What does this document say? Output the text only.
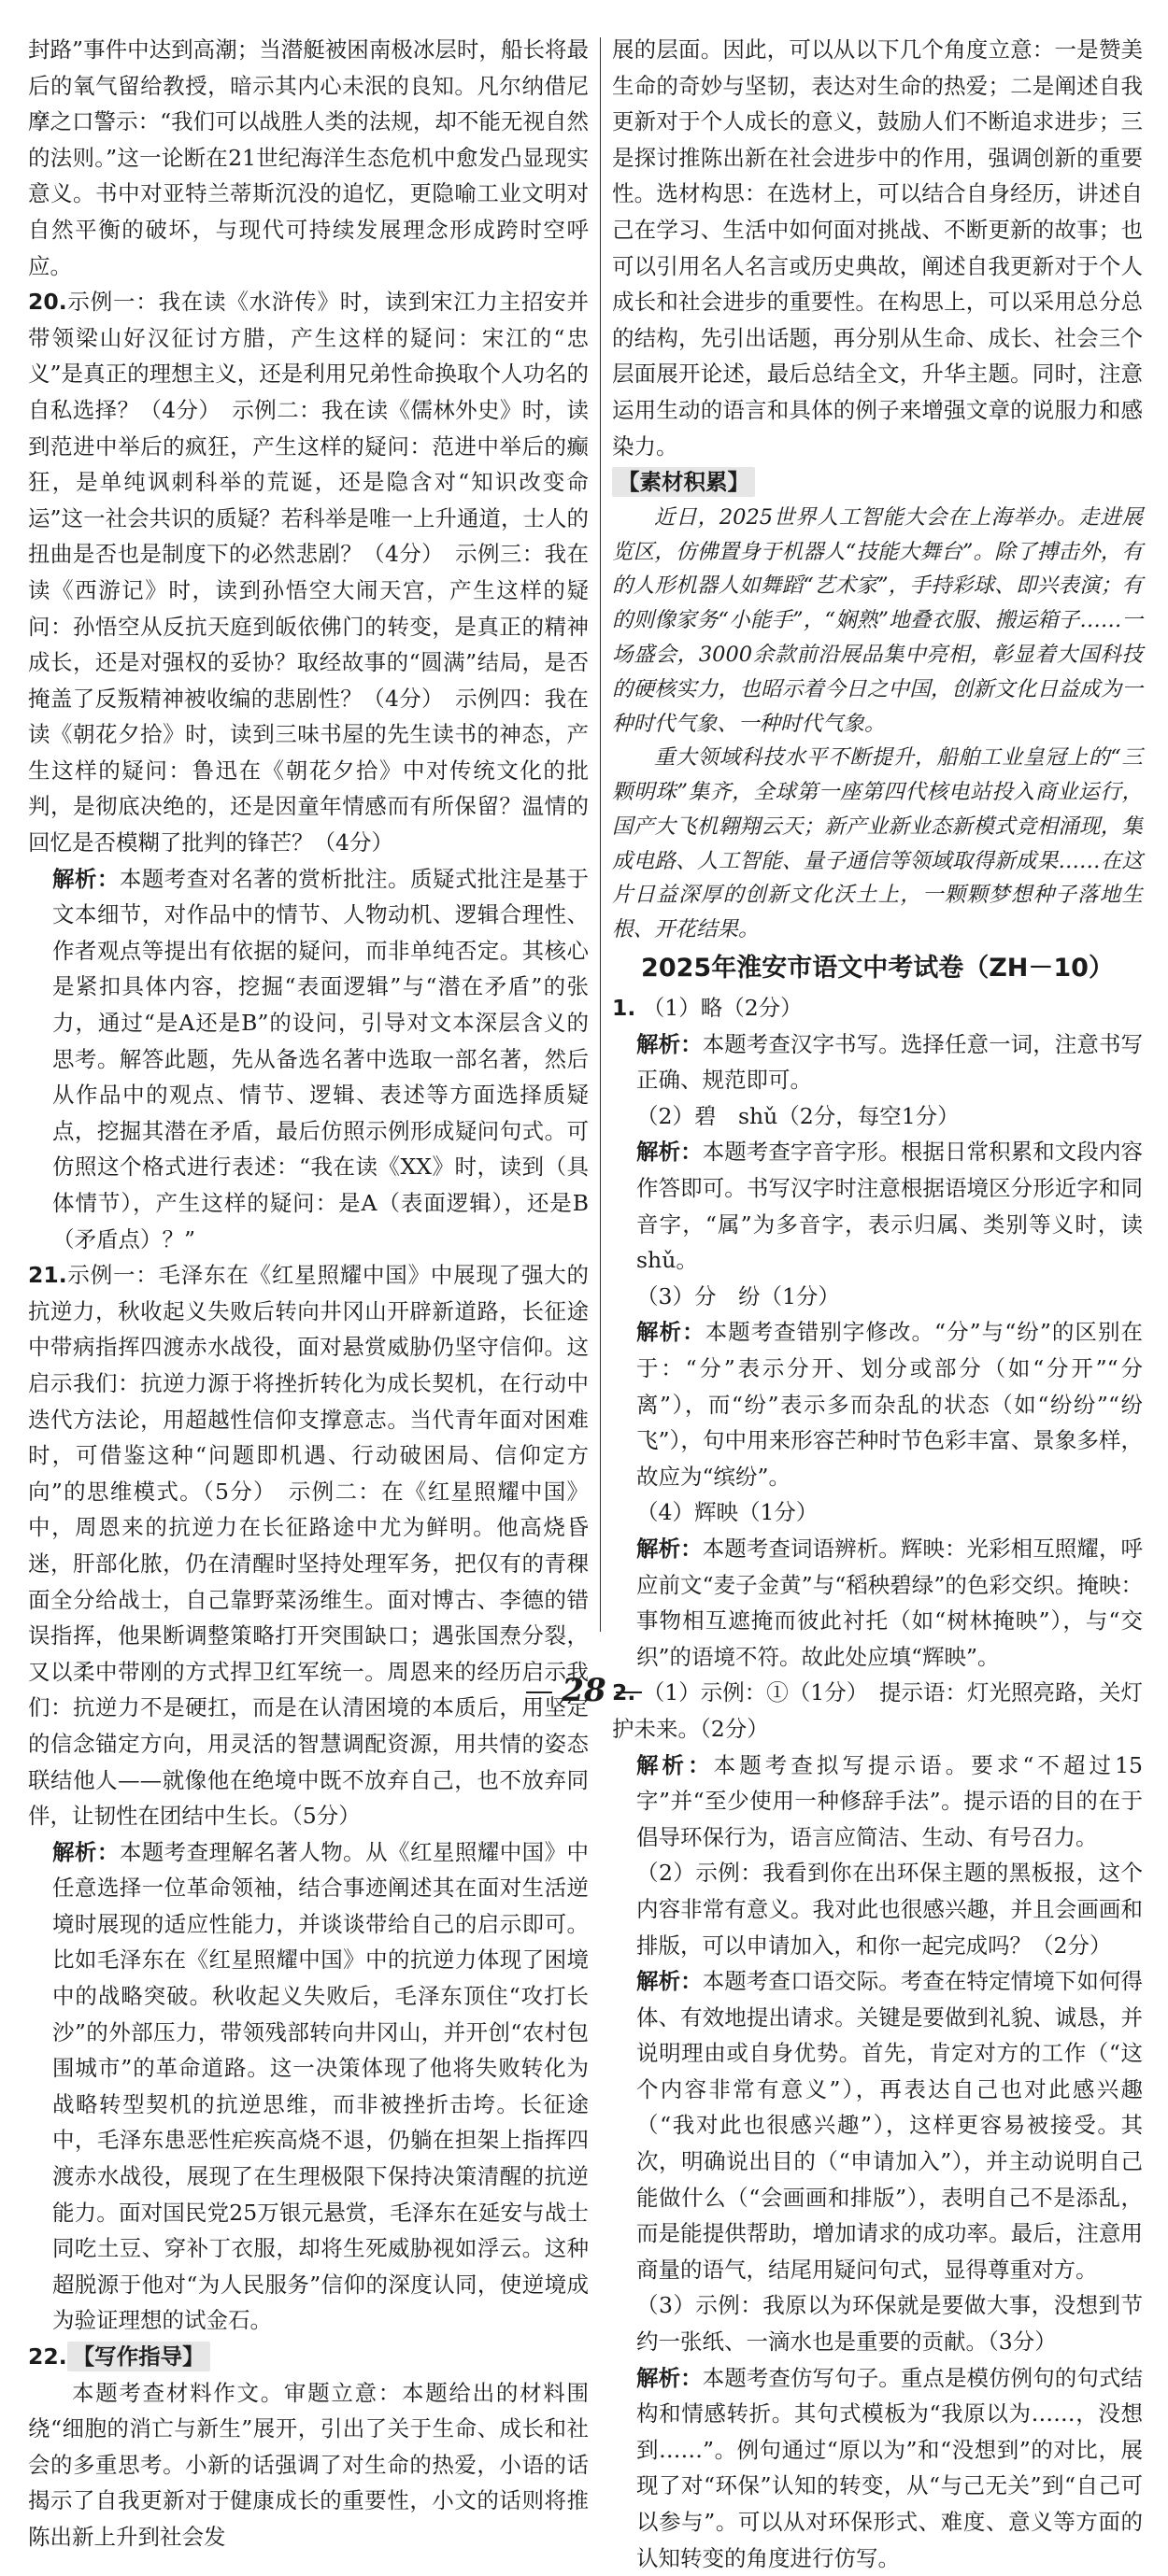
封路”事件中达到高潮；当潜艇被困南极冰层时，船长将最后的氧气留给教授，暗示其内心未泯的良知。凡尔纳借尼摩之口警示：“我们可以战胜人类的法规，却不能无视自然的法则。”这一论断在21世纪海洋生态危机中愈发凸显现实意义。书中对亚特兰蒂斯沉没的追忆，更隐喻工业文明对自然平衡的破坏，与现代可持续发展理念形成跨时空呼应。

20.示例一：我在读《水浒传》时，读到宋江力主招安并带领梁山好汉征讨方腊，产生这样的疑问：宋江的“忠义”是真正的理想主义，还是利用兄弟性命换取个人功名的自私选择？（4分）　示例二：我在读《儒林外史》时，读到范进中举后的疯狂，产生这样的疑问：范进中举后的癫狂，是单纯讽刺科举的荒诞，还是隐含对“知识改变命运”这一社会共识的质疑？若科举是唯一上升通道，士人的扭曲是否也是制度下的必然悲剧？（4分）　示例三：我在读《西游记》时，读到孙悟空大闹天宫，产生这样的疑问：孙悟空从反抗天庭到皈依佛门的转变，是真正的精神成长，还是对强权的妥协？取经故事的“圆满”结局，是否掩盖了反叛精神被收编的悲剧性？（4分）　示例四：我在读《朝花夕拾》时，读到三味书屋的先生读书的神态，产生这样的疑问：鲁迅在《朝花夕拾》中对传统文化的批判，是彻底决绝的，还是因童年情感而有所保留？温情的回忆是否模糊了批判的锋芒？（4分）

解析：本题考查对名著的赏析批注。质疑式批注是基于文本细节，对作品中的情节、人物动机、逻辑合理性、作者观点等提出有依据的疑问，而非单纯否定。其核心是紧扣具体内容，挖掘“表面逻辑”与“潜在矛盾”的张力，通过“是A还是B”的设问，引导对文本深层含义的思考。解答此题，先从备选名著中选取一部名著，然后从作品中的观点、情节、逻辑、表述等方面选择质疑点，挖掘其潜在矛盾，最后仿照示例形成疑问句式。可仿照这个格式进行表述：“我在读《XX》时，读到（具体情节），产生这样的疑问：是A（表面逻辑），还是B（矛盾点）？”

21.示例一：毛泽东在《红星照耀中国》中展现了强大的抗逆力，秋收起义失败后转向井冈山开辟新道路，长征途中带病指挥四渡赤水战役，面对悬赏威胁仍坚守信仰。这启示我们：抗逆力源于将挫折转化为成长契机，在行动中迭代方法论，用超越性信仰支撑意志。当代青年面对困难时，可借鉴这种“问题即机遇、行动破困局、信仰定方向”的思维模式。（5分）　示例二：在《红星照耀中国》中，周恩来的抗逆力在长征路途中尤为鲜明。他高烧昏迷，肝部化脓，仍在清醒时坚持处理军务，把仅有的青稞面全分给战士，自己靠野菜汤维生。面对博古、李德的错误指挥，他果断调整策略打开突围缺口；遇张国焘分裂，又以柔中带刚的方式捍卫红军统一。周恩来的经历启示我们：抗逆力不是硬扛，而是在认清困境的本质后，用坚定的信念锚定方向，用灵活的智慧调配资源，用共情的姿态联结他人——就像他在绝境中既不放弃自己，也不放弃同伴，让韧性在团结中生长。（5分）

解析：本题考查理解名著人物。从《红星照耀中国》中任意选择一位革命领袖，结合事迹阐述其在面对生活逆境时展现的适应性能力，并谈谈带给自己的启示即可。比如毛泽东在《红星照耀中国》中的抗逆力体现了困境中的战略突破。秋收起义失败后，毛泽东顶住“攻打长沙”的外部压力，带领残部转向井冈山，并开创“农村包围城市”的革命道路。这一决策体现了他将失败转化为战略转型契机的抗逆思维，而非被挫折击垮。长征途中，毛泽东患恶性疟疾高烧不退，仍躺在担架上指挥四渡赤水战役，展现了在生理极限下保持决策清醒的抗逆能力。面对国民党25万银元悬赏，毛泽东在延安与战士同吃土豆、穿补丁衣服，却将生死威胁视如浮云。这种超脱源于他对“为人民服务”信仰的深度认同，使逆境成为验证理想的试金石。

22. 【写作指导】

本题考查材料作文。审题立意：本题给出的材料围绕“细胞的消亡与新生”展开，引出了关于生命、成长和社会的多重思考。小新的话强调了对生命的热爱，小语的话揭示了自我更新对于健康成长的重要性，小文的话则将推陈出新上升到社会发

展的层面。因此，可以从以下几个角度立意：一是赞美生命的奇妙与坚韧，表达对生命的热爱；二是阐述自我更新对于个人成长的意义，鼓励人们不断追求进步；三是探讨推陈出新在社会进步中的作用，强调创新的重要性。选材构思：在选材上，可以结合自身经历，讲述自己在学习、生活中如何面对挑战、不断更新的故事；也可以引用名人名言或历史典故，阐述自我更新对于个人成长和社会进步的重要性。在构思上，可以采用总分总的结构，先引出话题，再分别从生命、成长、社会三个层面展开论述，最后总结全文，升华主题。同时，注意运用生动的语言和具体的例子来增强文章的说服力和感染力。

【素材积累】

近日，2025世界人工智能大会在上海举办。走进展览区，仿佛置身于机器人“技能大舞台”。除了搏击外，有的人形机器人如舞蹈“艺术家”，手持彩球、即兴表演；有的则像家务“小能手”，“娴熟”地叠衣服、搬运箱子……一场盛会，3000余款前沿展品集中亮相，彰显着大国科技的硬核实力，也昭示着今日之中国，创新文化日益成为一种时代气象、一种时代气象。

重大领域科技水平不断提升，船舶工业皇冠上的“三颗明珠”集齐，全球第一座第四代核电站投入商业运行，国产大飞机翱翔云天；新产业新业态新模式竞相涌现，集成电路、人工智能、量子通信等领域取得新成果……在这片日益深厚的创新文化沃土上，一颗颗梦想种子落地生根、开花结果。

2025年淮安市语文中考试卷（ZH－10）

1. （1）略（2分）

解析：本题考查汉字书写。选择任意一词，注意书写正确、规范即可。

（2）碧　shǔ（2分，每空1分）

解析：本题考查字音字形。根据日常积累和文段内容作答即可。书写汉字时注意根据语境区分形近字和同音字，“属”为多音字，表示归属、类别等义时，读shǔ。

（3）分　纷（1分）

解析：本题考查错别字修改。“分”与“纷”的区别在于：“分”表示分开、划分或部分（如“分开”“分离”），而“纷”表示多而杂乱的状态（如“纷纷”“纷飞”），句中用来形容芒种时节色彩丰富、景象多样，故应为“缤纷”。

（4）辉映（1分）

解析：本题考查词语辨析。辉映：光彩相互照耀，呼应前文“麦子金黄”与“稻秧碧绿”的色彩交织。掩映：事物相互遮掩而彼此衬托（如“树林掩映”），与“交织”的语境不符。故此处应填“辉映”。

2. （1）示例：①（1分）　提示语：灯光照亮路，关灯护未来。（2分）

解析：本题考查拟写提示语。要求“不超过15字”并“至少使用一种修辞手法”。提示语的目的在于倡导环保行为，语言应简洁、生动、有号召力。

（2）示例：我看到你在出环保主题的黑板报，这个内容非常有意义。我对此也很感兴趣，并且会画画和排版，可以申请加入，和你一起完成吗？（2分）

解析：本题考查口语交际。考查在特定情境下如何得体、有效地提出请求。关键是要做到礼貌、诚恳，并说明理由或自身优势。首先，肯定对方的工作（“这个内容非常有意义”），再表达自己也对此感兴趣（“我对此也很感兴趣”），这样更容易被接受。其次，明确说出目的（“申请加入”），并主动说明自己能做什么（“会画画和排版”），表明自己不是添乱，而是能提供帮助，增加请求的成功率。最后，注意用商量的语气，结尾用疑问句式，显得尊重对方。

（3）示例：我原以为环保就是要做大事，没想到节约一张纸、一滴水也是重要的贡献。（3分）

解析：本题考查仿写句子。重点是模仿例句的句式结构和情感转折。其句式模板为“我原以为……，没想到……”。例句通过“原以为”和“没想到”的对比，展现了对“环保”认知的转变，从“与己无关”到“自己可以参与”。可以从对环保形式、难度、意义等方面的认知转变的角度进行仿写。

28
